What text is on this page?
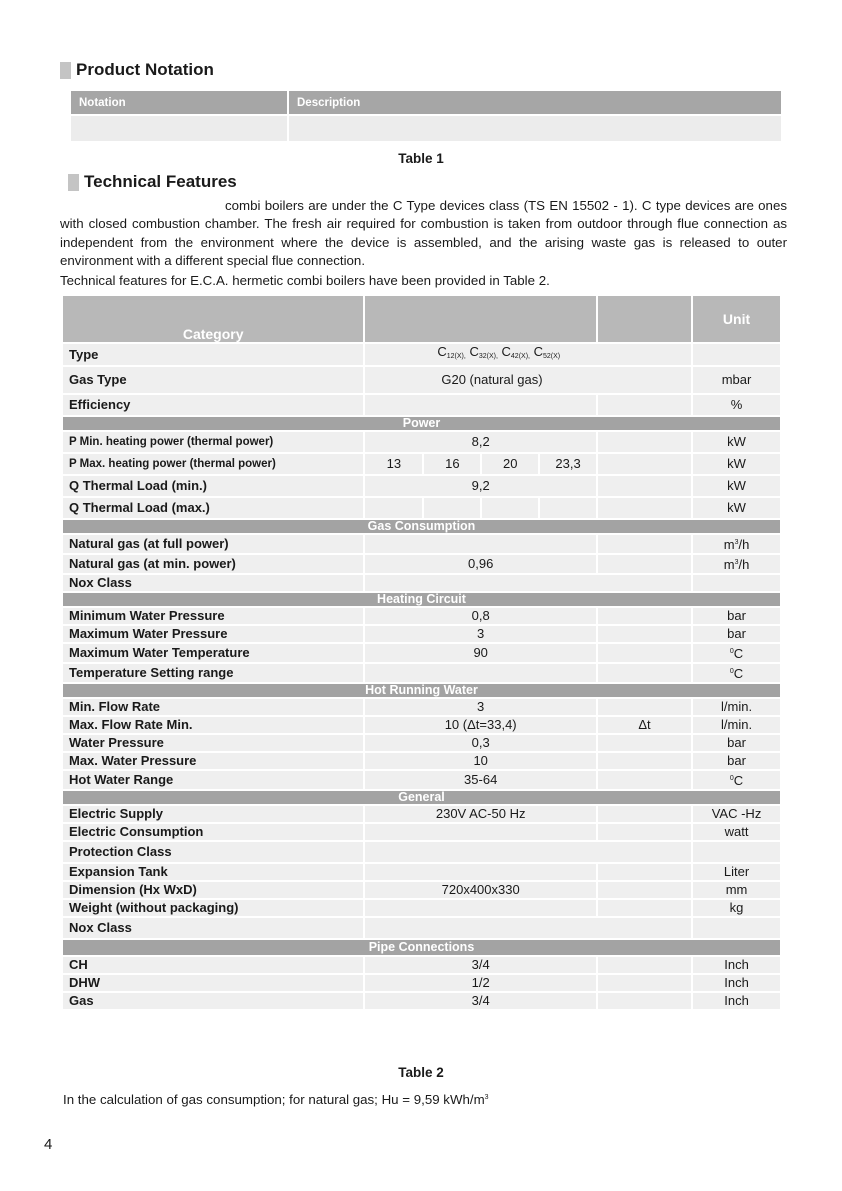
Product Notation
Notation	Description

Table 1
Technical Features
combi boilers are under the C Type devices class (TS EN 15502 - 1). C type devices are ones with closed combustion chamber. The fresh air required for combustion is taken from outdoor through flue connection as independent from the environment where the device is assembled, and the arising waste gas is released to outer environment with a different special flue connection.
Technical features for E.C.A. hermetic combi boilers have been provided in Table 2.
Category						Unit
Type	$C_{12(X),}$ $C_{32(X),}$ $C_{42(X),}$ $C_{52(X)}$	
Gas Type	G20 (natural gas)					mbar
Efficiency						%
Power						
P Min. heating power (thermal power)	8,2					kW
P Max. heating power (thermal power)	13	16	20	23,3		kW
Q Thermal Load (min.)	9,2					kW
Q Thermal Load (max.)						kW
Gas Consumption						
Natural gas (at full power)						$m^3/h$
Natural gas (at min. power)	0,96					$m^3/h$
Nox Class						
Heating Circuit						
Minimum Water Pressure	0,8					bar
Maximum Water Pressure	3					bar
Maximum Water Temperature	90					$^0$C
Temperature Setting range						$^0$C
Hot Running Water						
Min. Flow Rate	3					l/min.
Max. Flow Rate Min.	10 (Δt=33,4)				Δt	l/min.
Water Pressure	0,3					bar
Max. Water Pressure	10					bar
Hot Water Range	35-64					$^0$C
General						
Electric Supply	230V AC-50 Hz					VAC -Hz
Electric Consumption						watt
Protection Class						
Expansion Tank						Liter
Dimension (Hx WxD)	720x400x330					mm
Weight (without packaging)						kg
Nox Class						
Pipe Connections						
CH	3/4					Inch
DHW	1/2					Inch
Gas	3/4					Inch
Table 2
In the calculation of gas consumption; for natural gas; Hu = 9,59 kWh/$m^3$
4
